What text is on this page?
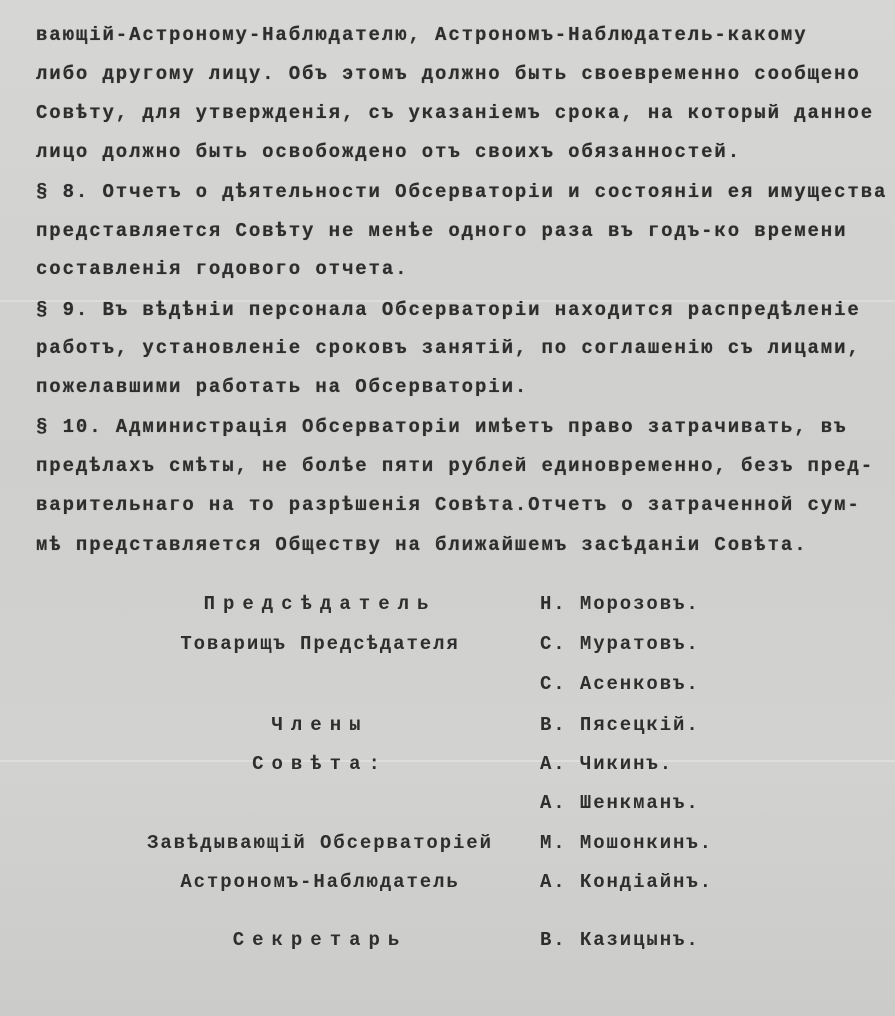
вающій-Астроному-Наблюдателю, Астрономъ-Наблюдатель-какому
либо другому лицу. Объ этомъ должно быть своевременно сообщено
Совѣту, для утвержденія, съ указаніемъ срока, на который данное
лицо должно быть освобождено отъ своихъ обязанностей.
§ 8. Отчетъ о дѣятельности Обсерваторіи и состояніи ея имущества
представляется Совѣту не менѣе одного раза въ годъ-ко времени
составленія годового отчета.
§ 9. Въ вѣдѣніи персонала Обсерваторіи находится распредѣленіе
работъ, установленіе сроковъ занятій, по соглашенію съ лицами,
пожелавшими работать на Обсерваторіи.
§ 10. Администрація Обсерваторіи имѣетъ право затрачивать, въ
предѣлахъ смѣты, не болѣе пяти рублей единовременно, безъ пред-
варительнаго на то разрѣшенія Совѣта.Отчетъ о затраченной сум-
мѣ представляется Обществу на ближайшемъ засѣданіи Совѣта.
Предсѣдатель
Товарищъ Предсѣдателя
Члены
Совѣта:
Завѣдывающій Обсерваторіей
Астрономъ-Наблюдатель
Секретарь
Н. Морозовъ.
С. Муратовъ.
С. Асенковъ.
В. Пясецкій.
А. Чикинъ.
А. Шенкманъ.
М. Мошонкинъ.
А. Кондіайнъ.
В. Казицынъ.
